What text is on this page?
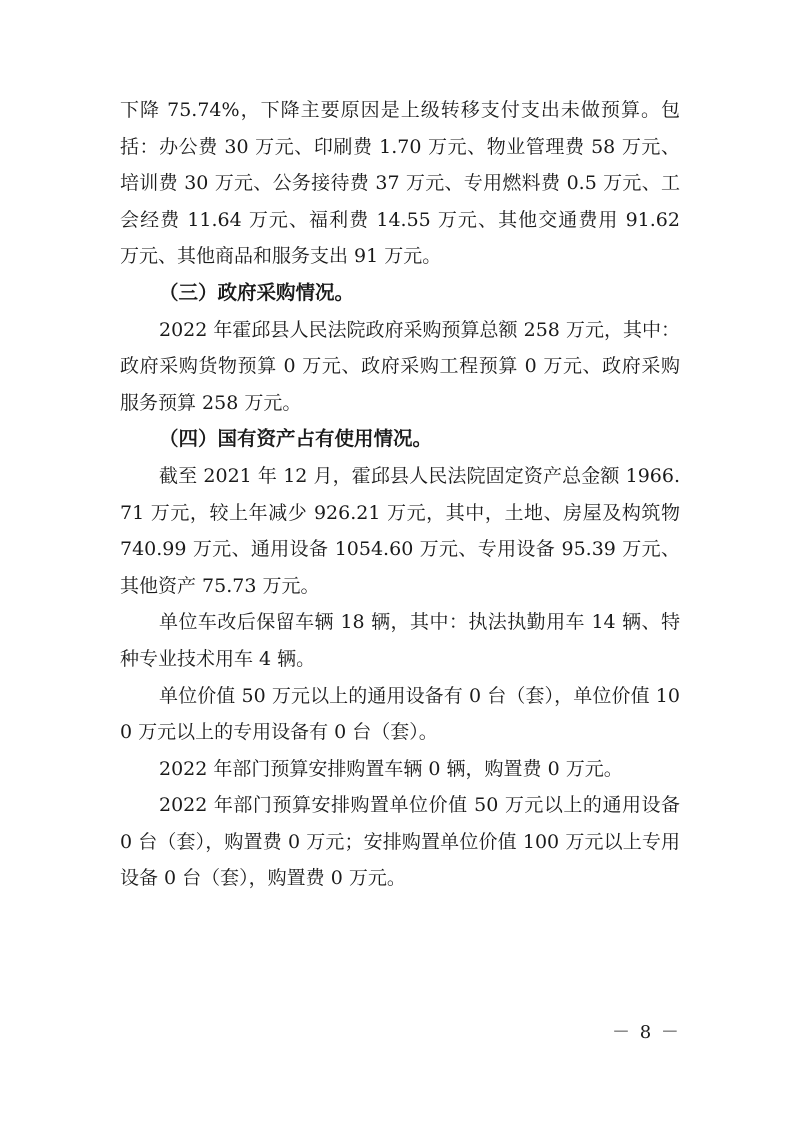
下降 75.74%，下降主要原因是上级转移支付支出未做预算。包括：办公费 30 万元、印刷费 1.70 万元、物业管理费 58 万元、培训费 30 万元、公务接待费 37 万元、专用燃料费 0.5 万元、工会经费 11.64 万元、福利费 14.55 万元、其他交通费用 91.62 万元、其他商品和服务支出 91 万元。

（三）政府采购情况。

2022 年霍邱县人民法院政府采购预算总额 258 万元，其中：政府采购货物预算 0 万元、政府采购工程预算 0 万元、政府采购服务预算 258 万元。

（四）国有资产占有使用情况。

截至 2021 年 12 月，霍邱县人民法院固定资产总金额 1966.71 万元，较上年减少 926.21 万元，其中，土地、房屋及构筑物 740.99 万元、通用设备 1054.60 万元、专用设备 95.39 万元、其他资产 75.73 万元。

单位车改后保留车辆 18 辆，其中：执法执勤用车 14 辆、特种专业技术用车 4 辆。

单位价值 50 万元以上的通用设备有 0 台（套），单位价值 100 万元以上的专用设备有 0 台（套）。

2022 年部门预算安排购置车辆 0 辆，购置费 0 万元。

2022 年部门预算安排购置单位价值 50 万元以上的通用设备 0 台（套），购置费 0 万元；安排购置单位价值 100 万元以上专用设备 0 台（套），购置费 0 万元。

－ 8 －
